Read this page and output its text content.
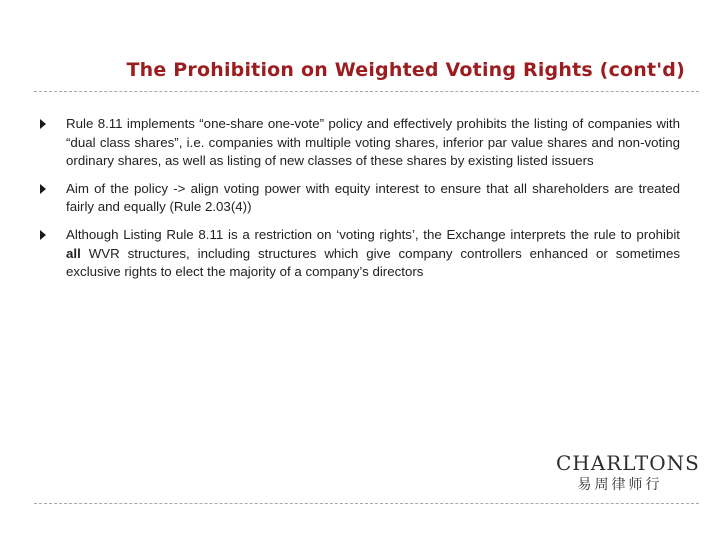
The Prohibition on Weighted Voting Rights (cont'd)
Rule 8.11 implements “one-share one-vote” policy and effectively prohibits the listing of companies with “dual class shares”, i.e. companies with multiple voting shares, inferior par value shares and non-voting ordinary shares, as well as listing of new classes of these shares by existing listed issuers
Aim of the policy -> align voting power with equity interest to ensure that all shareholders are treated fairly and equally (Rule 2.03(4))
Although Listing Rule 8.11 is a restriction on ‘voting rights’, the Exchange interprets the rule to prohibit all WVR structures, including structures which give company controllers enhanced or sometimes exclusive rights to elect the majority of a company’s directors
CHARLTONS
易周律师行
